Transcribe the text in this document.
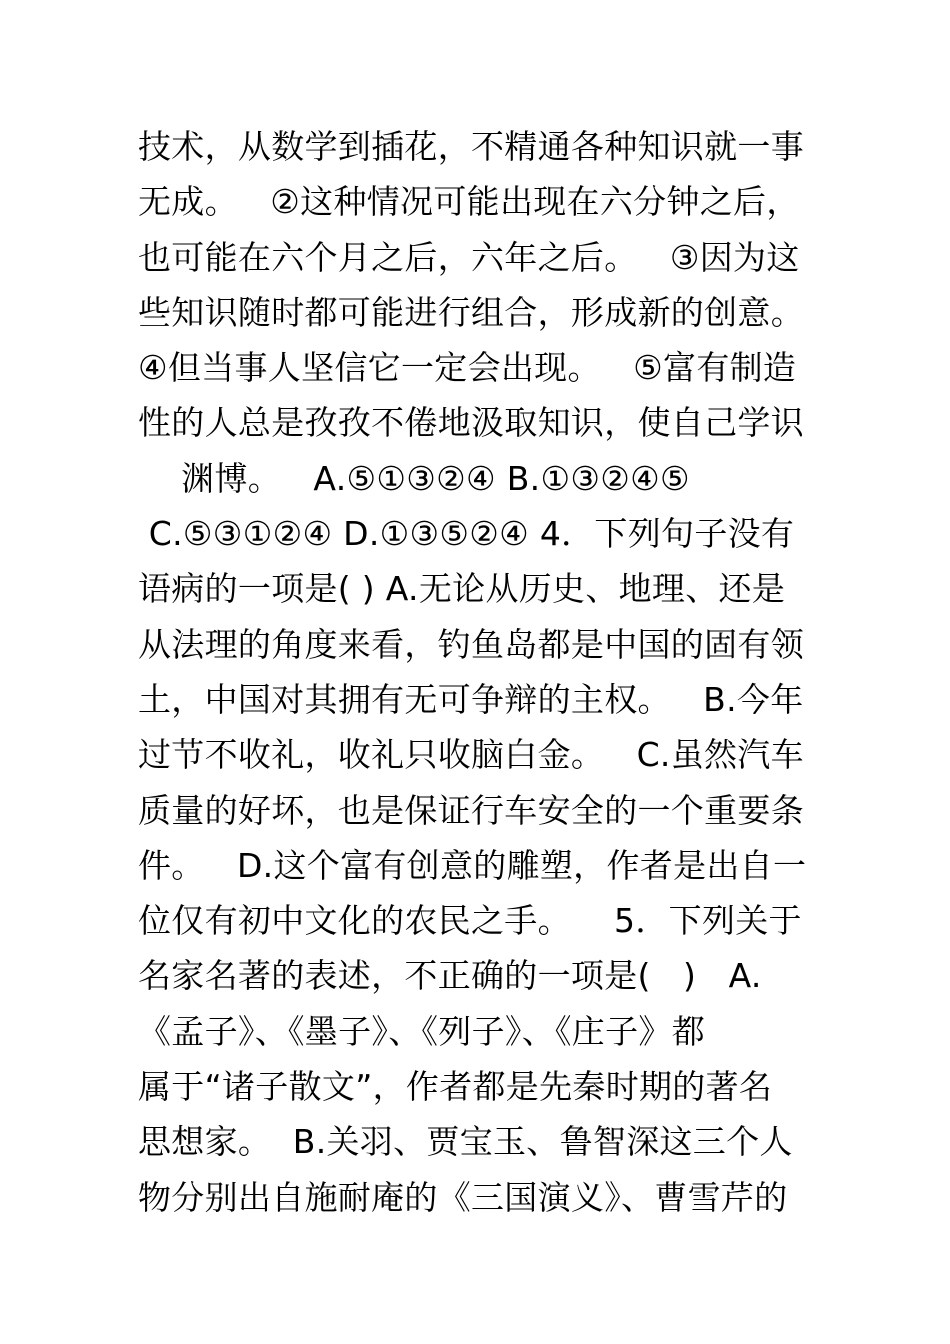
技术，从数学到插花，不精通各种知识就一事
无成。   ②这种情况可能出现在六分钟之后，
也可能在六个月之后，六年之后。   ③因为这
些知识随时都可能进行组合，形成新的创意。
④但当事人坚信它一定会出现。   ⑤富有制造
性的人总是孜孜不倦地汲取知识，使自己学识
渊博。   A.⑤①③②④ B.①③②④⑤
C.⑤③①②④ D.①③⑤②④ 4．下列句子没有
语病的一项是( ) A.无论从历史、地理、还是
从法理的角度来看，钓鱼岛都是中国的固有领
土，中国对其拥有无可争辩的主权。   B.今年
过节不收礼，收礼只收脑白金。   C.虽然汽车
质量的好坏，也是保证行车安全的一个重要条
件。   D.这个富有创意的雕塑，作者是出自一
位仅有初中文化的农民之手。    5．下列关于
名家名著的表述，不正确的一项是(   )   A.
《孟子》、《墨子》、《列子》、《庄子》都
属于“诸子散文”，作者都是先秦时期的著名
思想家。  B.关羽、贾宝玉、鲁智深这三个人
物分别出自施耐庵的《三国演义》、曹雪芹的
